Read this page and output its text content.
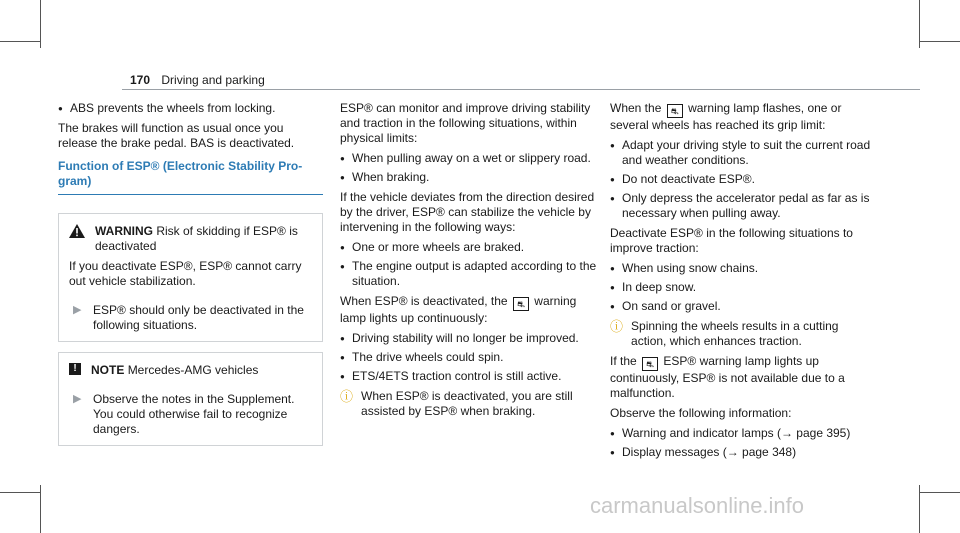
170 Driving and parking
● ABS prevents the wheels from locking.

The brakes will function as usual once you release the brake pedal. BAS is deactivated.

Function of ESP® (Electronic Stability Pro-gram)
WARNING Risk of skidding if ESP® is deactivated

If you deactivate ESP®, ESP® cannot carry out vehicle stabilization.

▶ ESP® should only be deactivated in the following situations.
!	NOTE Mercedes-AMG vehicles
▶ Observe the notes in the Supplement. You could otherwise fail to recognize dangers.

ESP® can monitor and improve driving stability and traction in the following situations, within physical limits:

● When pulling away on a wet or slippery road.
● When braking.

If the vehicle deviates from the direction desired by the driver, ESP® can stabilize the vehicle by intervening in the following ways:

● One or more wheels are braked.
● The engine output is adapted according to the situation.

When ESP® is deactivated, the ⛐ warning lamp lights up continuously:

● Driving stability will no longer be improved.
● The drive wheels could spin.
● ETS/4ETS traction control is still active.
ⓘ When ESP® is deactivated, you are still assisted by ESP® when braking.

When the ⛐ warning lamp flashes, one or several wheels has reached its grip limit:

● Adapt your driving style to suit the current road and weather conditions.
● Do not deactivate ESP®.
● Only depress the accelerator pedal as far as is necessary when pulling away.

Deactivate ESP® in the following situations to improve traction:

● When using snow chains.
● In deep snow.
● On sand or gravel.
ⓘ Spinning the wheels results in a cutting action, which enhances traction.

If the ⛐ ESP® warning lamp lights up continuously, ESP® is not available due to a malfunction.

Observe the following information:

● Warning and indicator lamps (→ page 395)
● Display messages (→ page 348)
carmanualsonline.info
